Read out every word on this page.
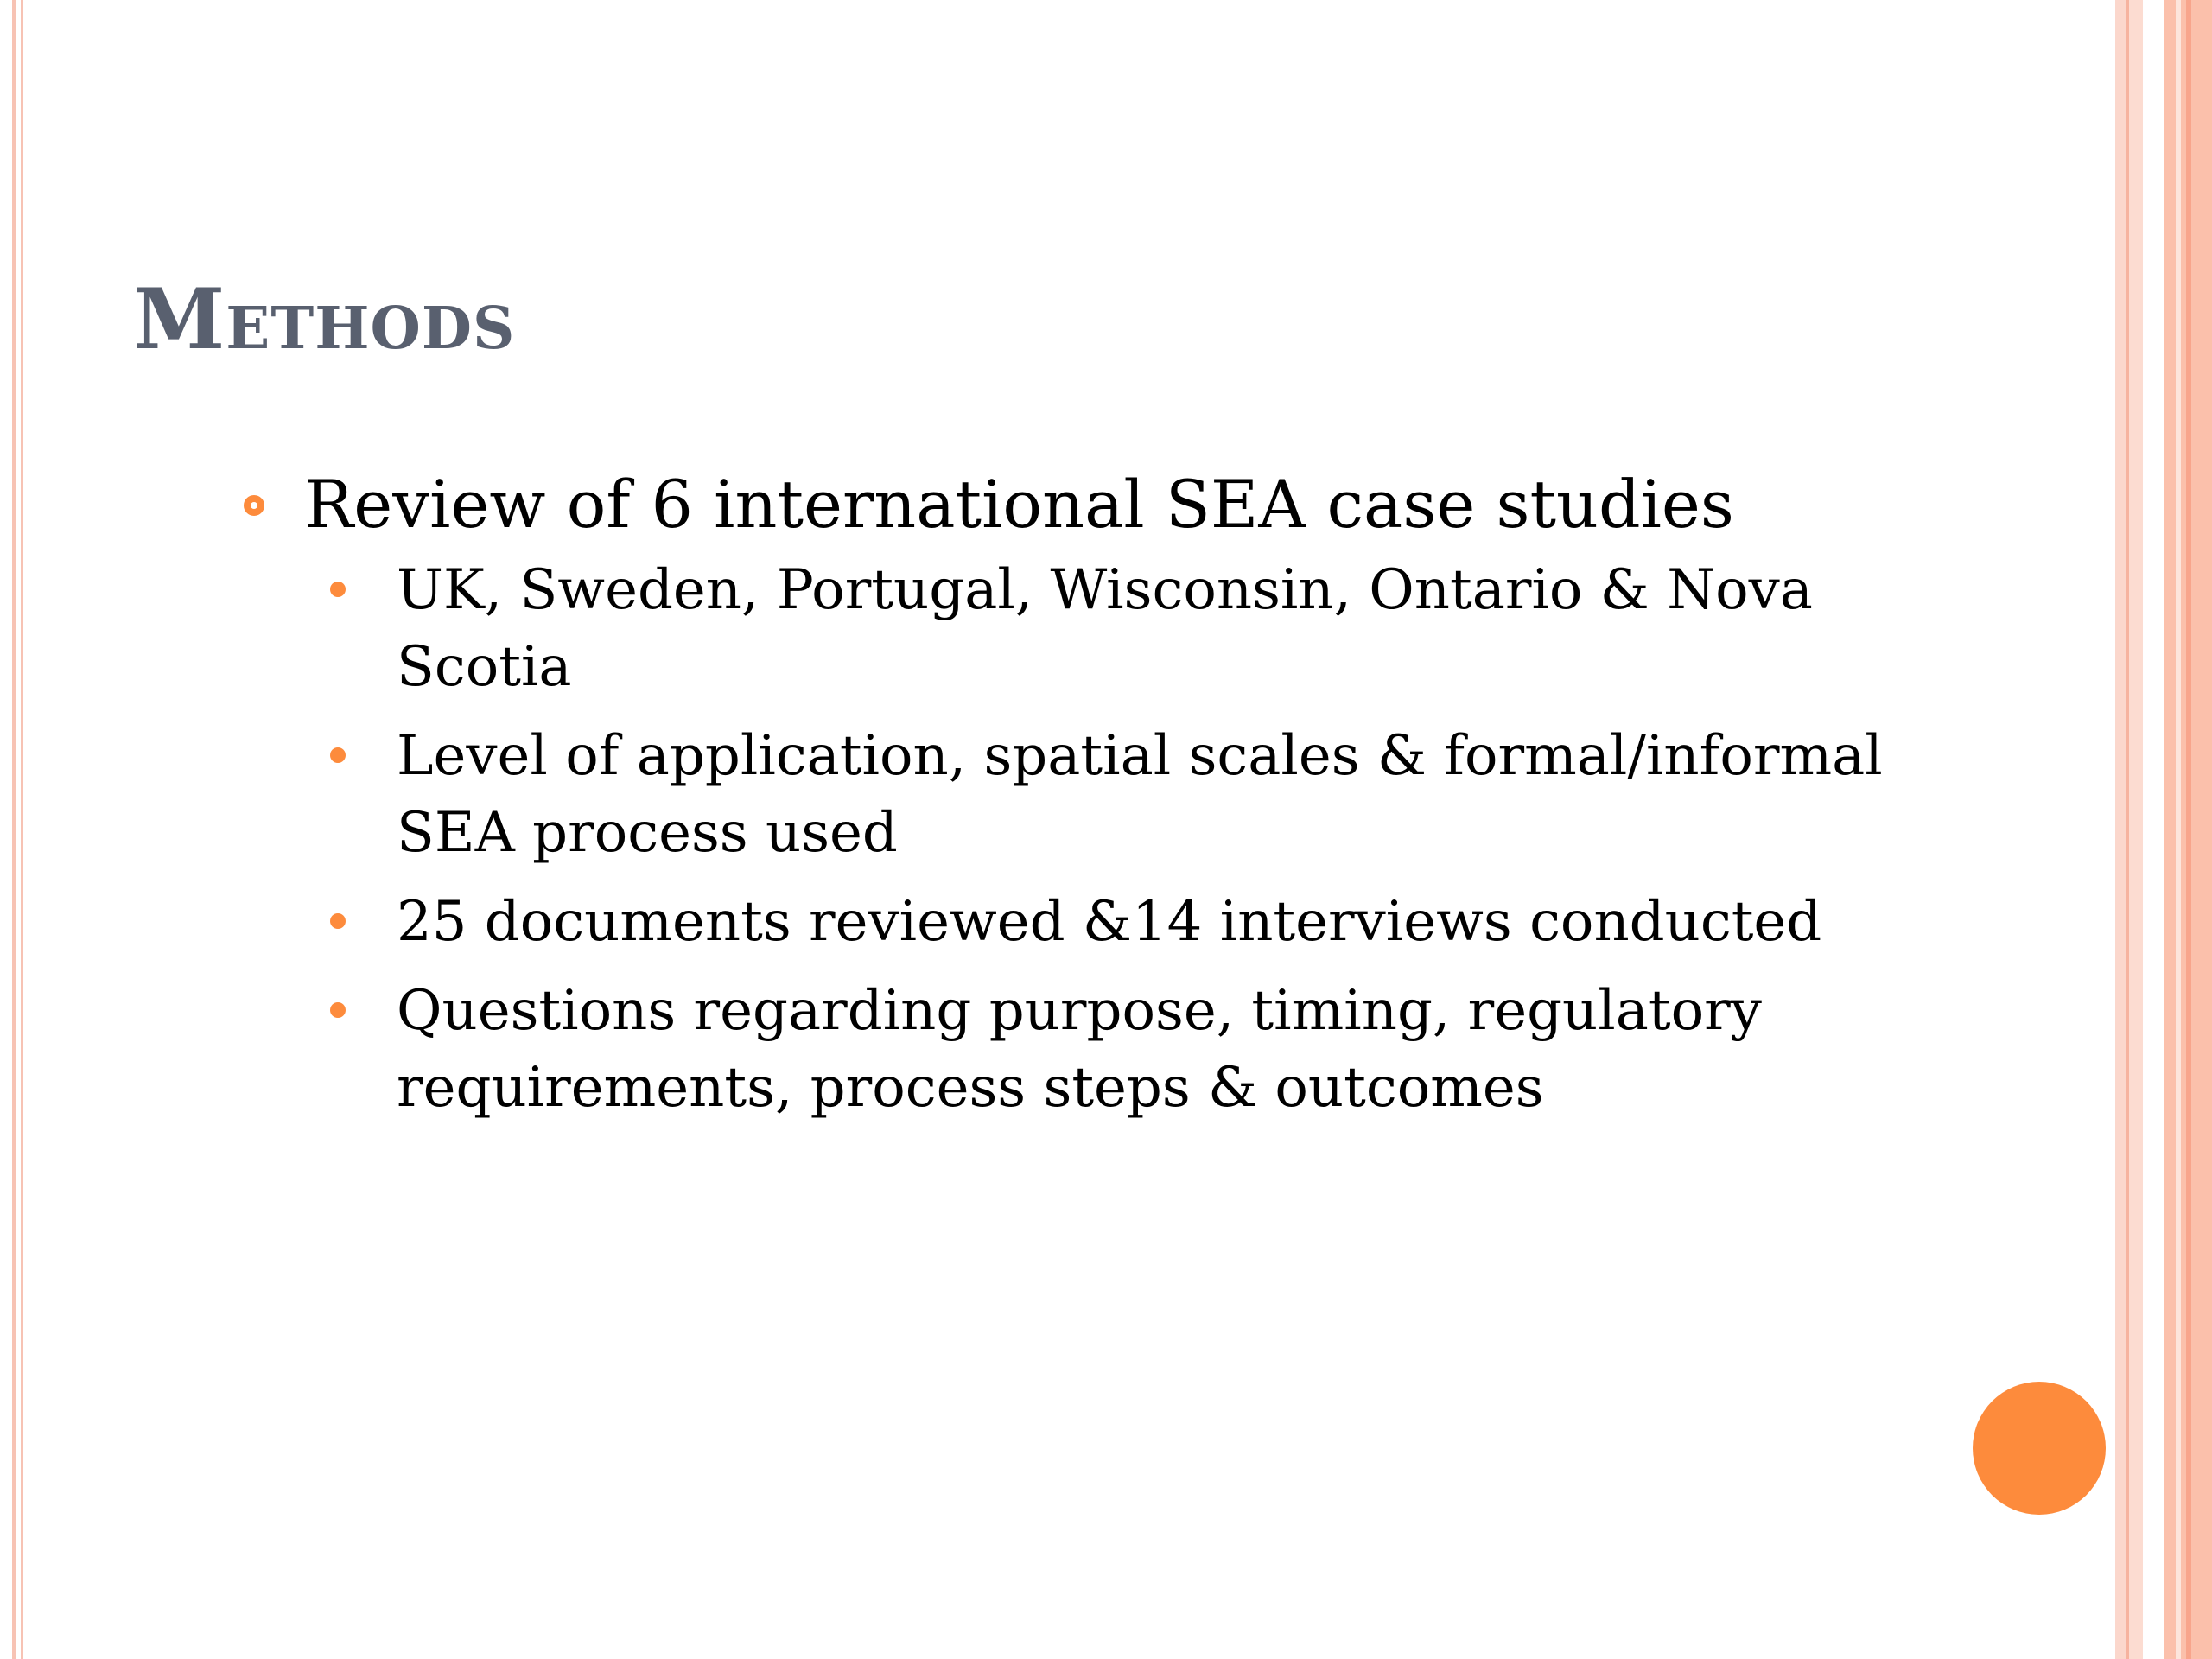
Methods
Review of 6 international SEA case studies
UK, Sweden, Portugal, Wisconsin, Ontario & Nova Scotia
Level of application, spatial scales & formal/informal SEA process used
25 documents reviewed &14 interviews conducted
Questions regarding purpose, timing, regulatory requirements, process steps & outcomes
